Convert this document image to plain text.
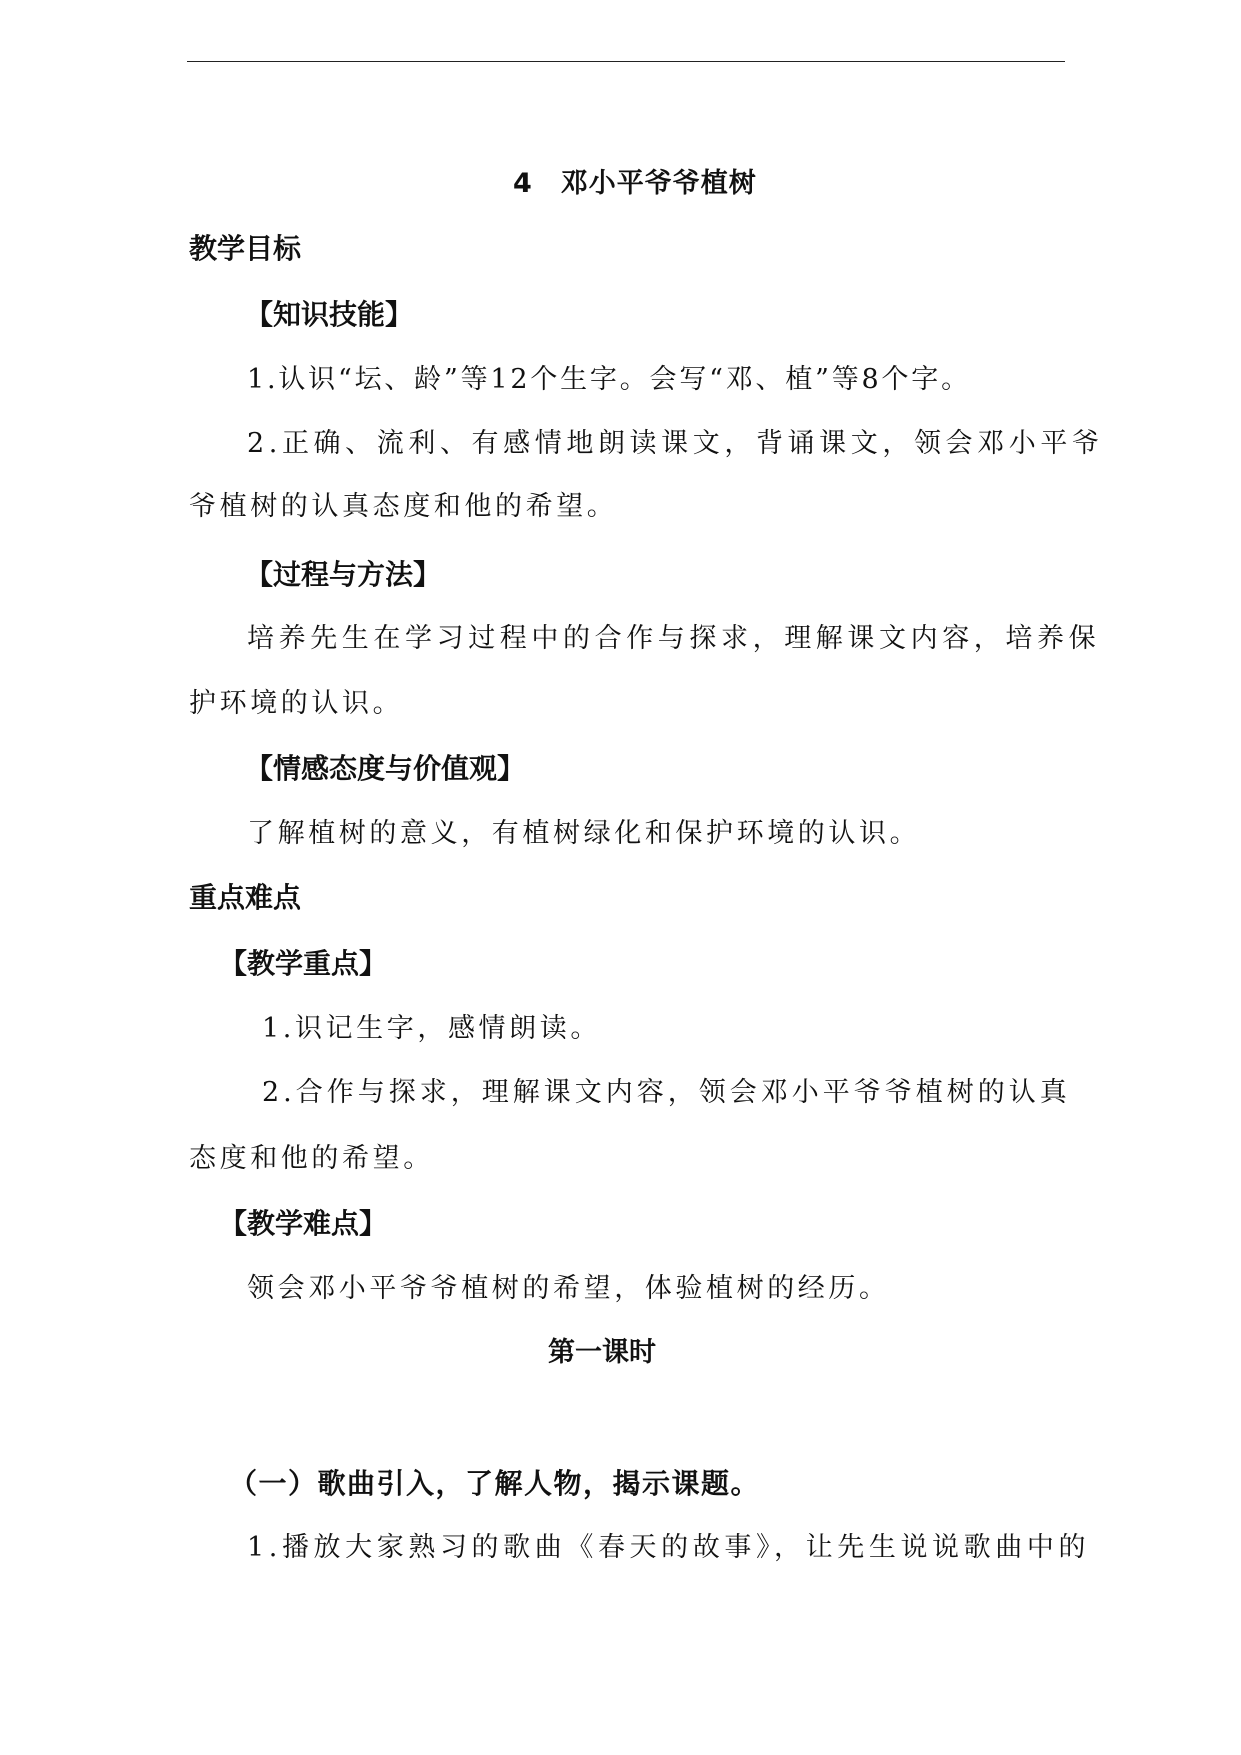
4　邓小平爷爷植树
教学目标
【知识技能】
1.认识“坛、龄”等12个生字。会写“邓、植”等8个字。
2.正确、流利、有感情地朗读课文，背诵课文，领会邓小平爷
爷植树的认真态度和他的希望。
【过程与方法】
培养先生在学习过程中的合作与探求，理解课文内容，培养保
护环境的认识。
【情感态度与价值观】
了解植树的意义，有植树绿化和保护环境的认识。
重点难点
【教学重点】
1.识记生字，感情朗读。
2.合作与探求，理解课文内容，领会邓小平爷爷植树的认真
态度和他的希望。
【教学难点】
领会邓小平爷爷植树的希望，体验植树的经历。
第一课时
（一）歌曲引入，了解人物，揭示课题。
1.播放大家熟习的歌曲《春天的故事》，让先生说说歌曲中的
